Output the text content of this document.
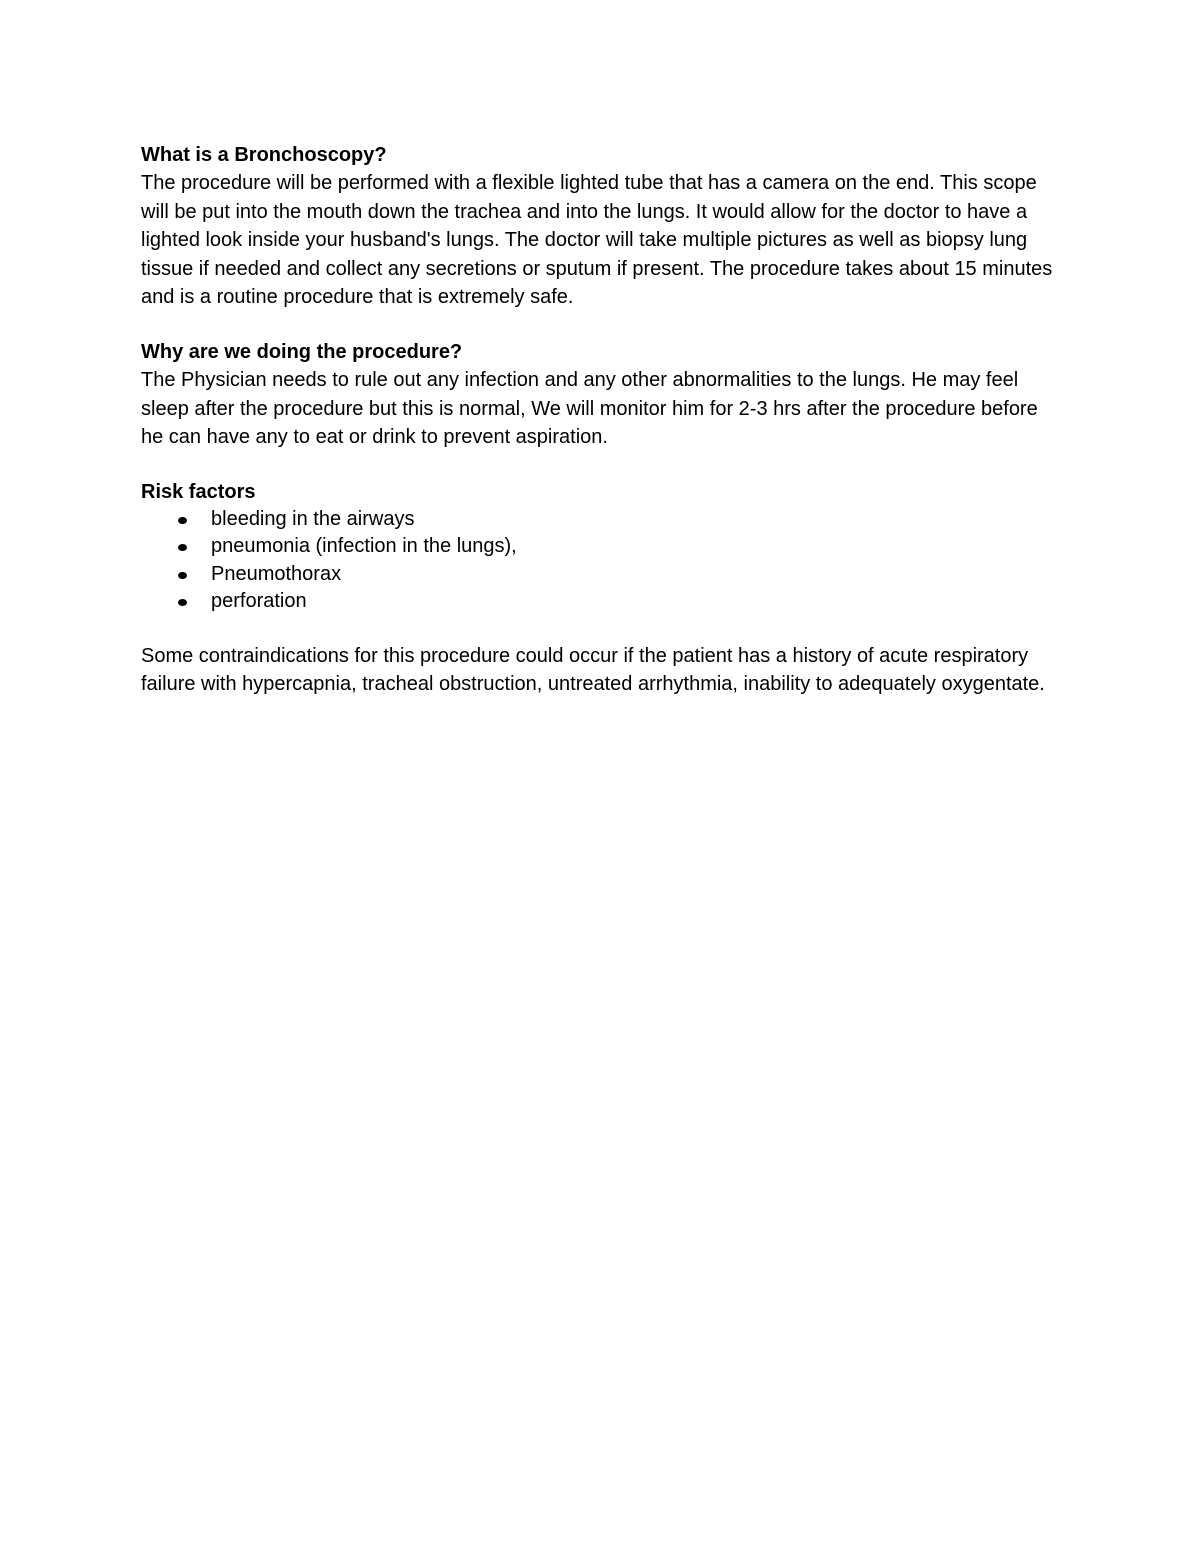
What is a Bronchoscopy?

The procedure will be performed with a flexible lighted tube that has a camera on the end. This scope will be put into the mouth down the trachea and into the lungs. It would allow for the doctor to have a lighted look inside your husband's lungs. The doctor will take multiple pictures as well as biopsy lung tissue if needed and collect any secretions or sputum if present. The procedure takes about 15 minutes and is a routine procedure that is extremely safe.

Why are we doing the procedure?

The Physician needs to rule out any infection and any other abnormalities to the lungs. He may feel sleep after the procedure but this is normal, We will monitor him for 2-3 hrs after the procedure before he can have any to eat or drink to prevent aspiration.

Risk factors

bleeding in the airways
pneumonia (infection in the lungs),
Pneumothorax
perforation

Some contraindications for this procedure could occur if the patient has a history of acute respiratory failure with hypercapnia, tracheal obstruction, untreated arrhythmia, inability to adequately oxygentate.
